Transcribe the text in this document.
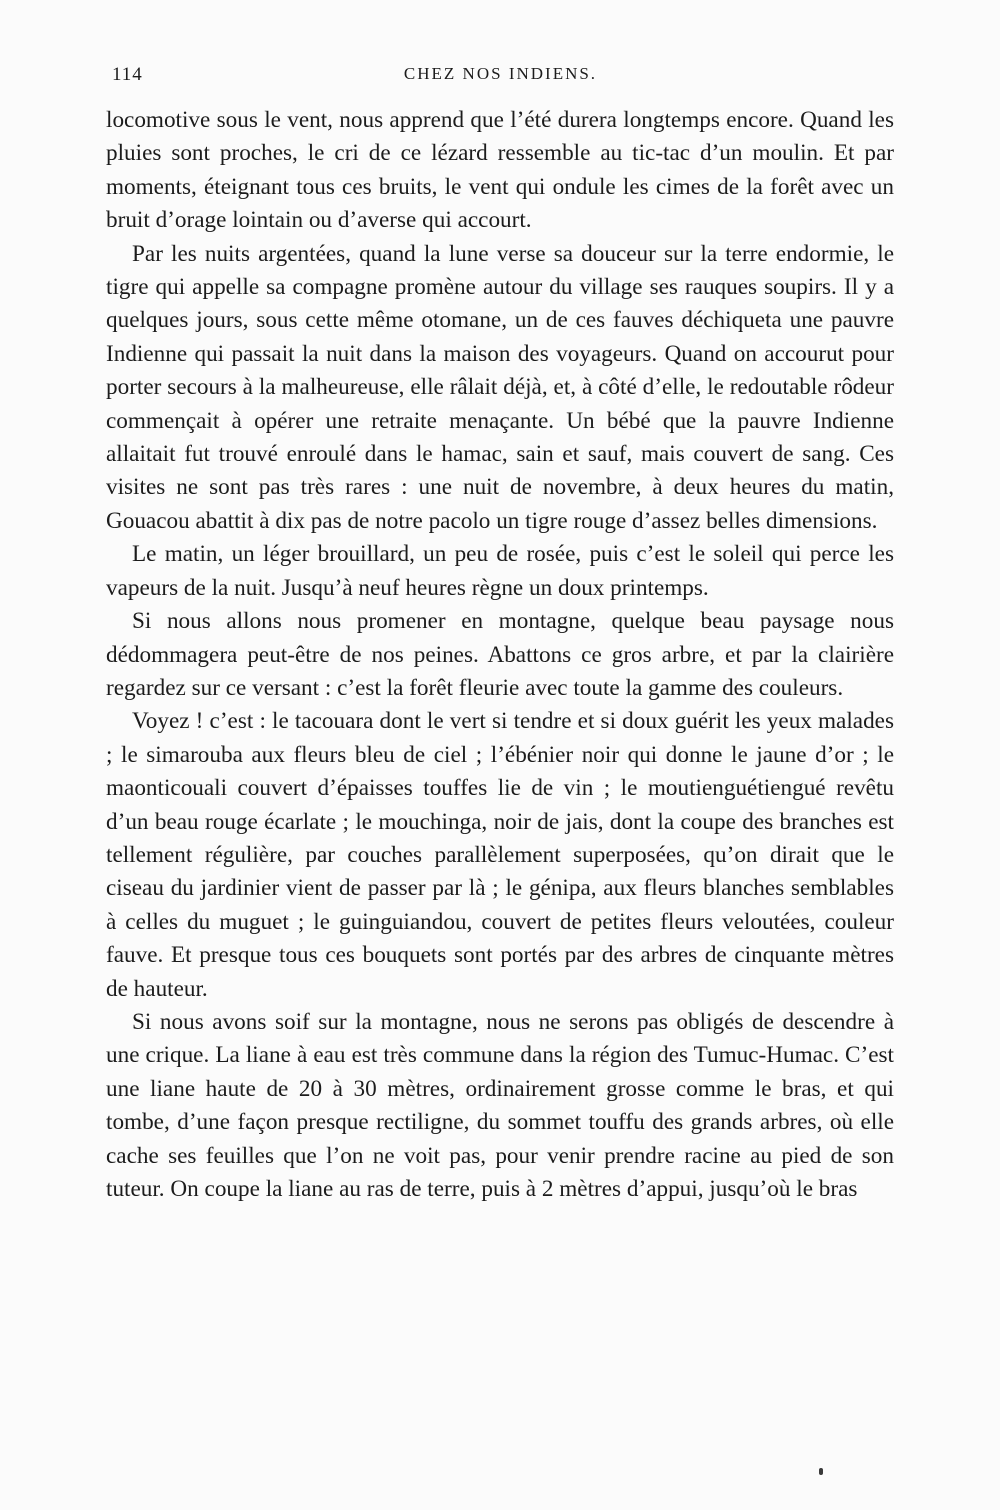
114	CHEZ NOS INDIENS.

locomotive sous le vent, nous apprend que l’été durera longtemps encore. Quand les pluies sont proches, le cri de ce lézard ressemble au tic-tac d’un moulin. Et par moments, éteignant tous ces bruits, le vent qui ondule les cimes de la forêt avec un bruit d’orage lointain ou d’averse qui accourt.

Par les nuits argentées, quand la lune verse sa douceur sur la terre endormie, le tigre qui appelle sa compagne promène autour du village ses rauques soupirs. Il y a quelques jours, sous cette même otomane, un de ces fauves déchiqueta une pauvre Indienne qui passait la nuit dans la maison des voyageurs. Quand on accourut pour porter secours à la malheureuse, elle râlait déjà, et, à côté d’elle, le redoutable rôdeur commençait à opérer une retraite menaçante. Un bébé que la pauvre Indienne allaitait fut trouvé enroulé dans le hamac, sain et sauf, mais couvert de sang. Ces visites ne sont pas très rares : une nuit de novembre, à deux heures du matin, Gouacou abattit à dix pas de notre pacolo un tigre rouge d’assez belles dimensions.

Le matin, un léger brouillard, un peu de rosée, puis c’est le soleil qui perce les vapeurs de la nuit. Jusqu’à neuf heures règne un doux printemps.

Si nous allons nous promener en montagne, quelque beau paysage nous dédommagera peut-être de nos peines. Abattons ce gros arbre, et par la clairière regardez sur ce versant : c’est la forêt fleurie avec toute la gamme des couleurs.

Voyez ! c’est : le tacouara dont le vert si tendre et si doux guérit les yeux malades ; le simarouba aux fleurs bleu de ciel ; l’ébénier noir qui donne le jaune d’or ; le maonticouali couvert d’épaisses touffes lie de vin ; le moutienguétiengué revêtu d’un beau rouge écarlate ; le mouchinga, noir de jais, dont la coupe des branches est tellement régulière, par couches parallèlement superposées, qu’on dirait que le ciseau du jardinier vient de passer par là ; le génipa, aux fleurs blanches semblables à celles du muguet ; le guinguiandou, couvert de petites fleurs veloutées, couleur fauve. Et presque tous ces bouquets sont portés par des arbres de cinquante mètres de hauteur.

Si nous avons soif sur la montagne, nous ne serons pas obligés de descendre à une crique. La liane à eau est très commune dans la région des Tumuc-Humac. C’est une liane haute de 20 à 30 mètres, ordinairement grosse comme le bras, et qui tombe, d’une façon presque rectiligne, du sommet touffu des grands arbres, où elle cache ses feuilles que l’on ne voit pas, pour venir prendre racine au pied de son tuteur. On coupe la liane au ras de terre, puis à 2 mètres d’appui, jusqu’où le bras
